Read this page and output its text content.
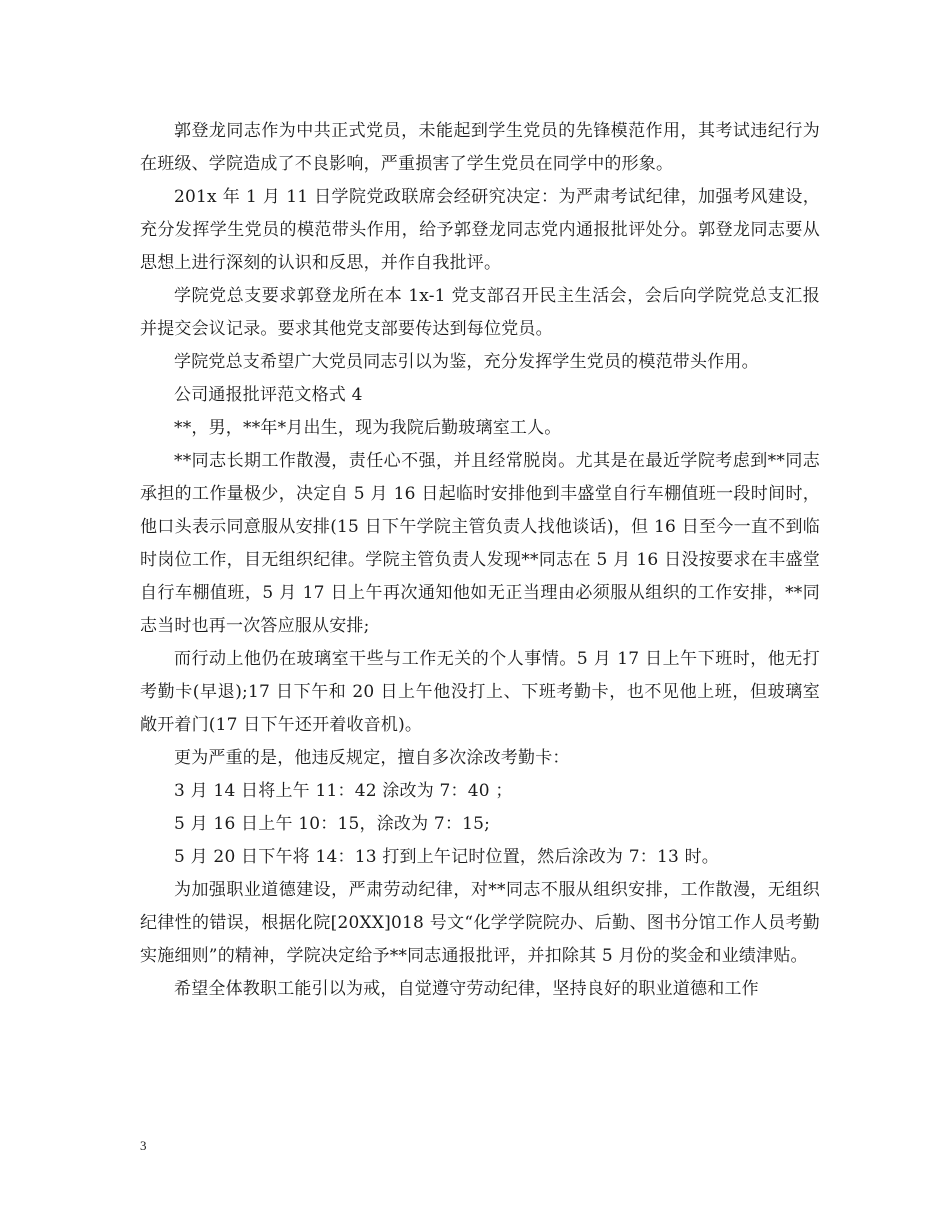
郭登龙同志作为中共正式党员，未能起到学生党员的先锋模范作用，其考试违纪行为在班级、学院造成了不良影响，严重损害了学生党员在同学中的形象。

201x 年 1 月 11 日学院党政联席会经研究决定：为严肃考试纪律，加强考风建设，充分发挥学生党员的模范带头作用，给予郭登龙同志党内通报批评处分。郭登龙同志要从思想上进行深刻的认识和反思，并作自我批评。

学院党总支要求郭登龙所在本 1x-1 党支部召开民主生活会，会后向学院党总支汇报并提交会议记录。要求其他党支部要传达到每位党员。

学院党总支希望广大党员同志引以为鉴，充分发挥学生党员的模范带头作用。

公司通报批评范文格式 4

**，男，**年*月出生，现为我院后勤玻璃室工人。

**同志长期工作散漫，责任心不强，并且经常脱岗。尤其是在最近学院考虑到**同志承担的工作量极少，决定自 5 月 16 日起临时安排他到丰盛堂自行车棚值班一段时间时，他口头表示同意服从安排(15 日下午学院主管负责人找他谈话)，但 16 日至今一直不到临时岗位工作，目无组织纪律。学院主管负责人发现**同志在 5 月 16 日没按要求在丰盛堂自行车棚值班，5 月 17 日上午再次通知他如无正当理由必须服从组织的工作安排，**同志当时也再一次答应服从安排;

而行动上他仍在玻璃室干些与工作无关的个人事情。5 月 17 日上午下班时，他无打考勤卡(早退);17 日下午和 20 日上午他没打上、下班考勤卡，也不见他上班，但玻璃室敞开着门(17 日下午还开着收音机)。

更为严重的是，他违反规定，擅自多次涂改考勤卡：

3 月 14 日将上午 11：42 涂改为 7：40 ；

5 月 16 日上午 10：15，涂改为 7：15;

5 月 20 日下午将 14：13 打到上午记时位置，然后涂改为 7：13 时。

为加强职业道德建设，严肃劳动纪律，对**同志不服从组织安排，工作散漫，无组织纪律性的错误，根据化院[20XX]018 号文“化学学院院办、后勤、图书分馆工作人员考勤实施细则”的精神，学院决定给予**同志通报批评，并扣除其 5 月份的奖金和业绩津贴。

希望全体教职工能引以为戒，自觉遵守劳动纪律，坚持良好的职业道德和工作

3
